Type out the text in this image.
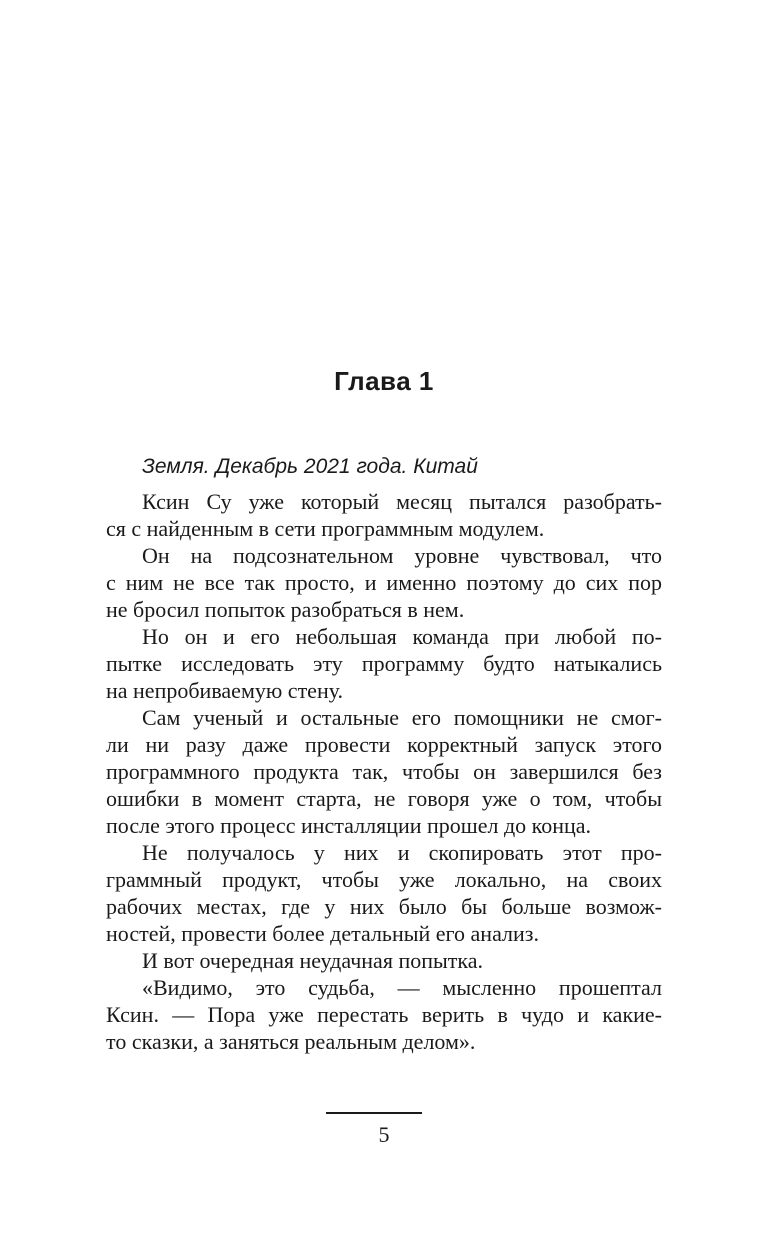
Глава 1
Земля. Декабрь 2021 года. Китай
Ксин Су уже который месяц пытался разобрать-
ся с найденным в сети программным модулем.
Он на подсознательном уровне чувствовал, что
с ним не все так просто, и именно поэтому до сих пор
не бросил попыток разобраться в нем.
Но он и его небольшая команда при любой по-
пытке исследовать эту программу будто натыкались
на непробиваемую стену.
Сам ученый и остальные его помощники не смог-
ли ни разу даже провести корректный запуск этого
программного продукта так, чтобы он завершился без
ошибки в момент старта, не говоря уже о том, чтобы
после этого процесс инсталляции прошел до конца.
Не получалось у них и скопировать этот про-
граммный продукт, чтобы уже локально, на своих
рабочих местах, где у них было бы больше возмож-
ностей, провести более детальный его анализ.
И вот очередная неудачная попытка.
«Видимо, это судьба, — мысленно прошептал
Ксин. — Пора уже перестать верить в чудо и какие-
то сказки, а заняться реальным делом».
5
